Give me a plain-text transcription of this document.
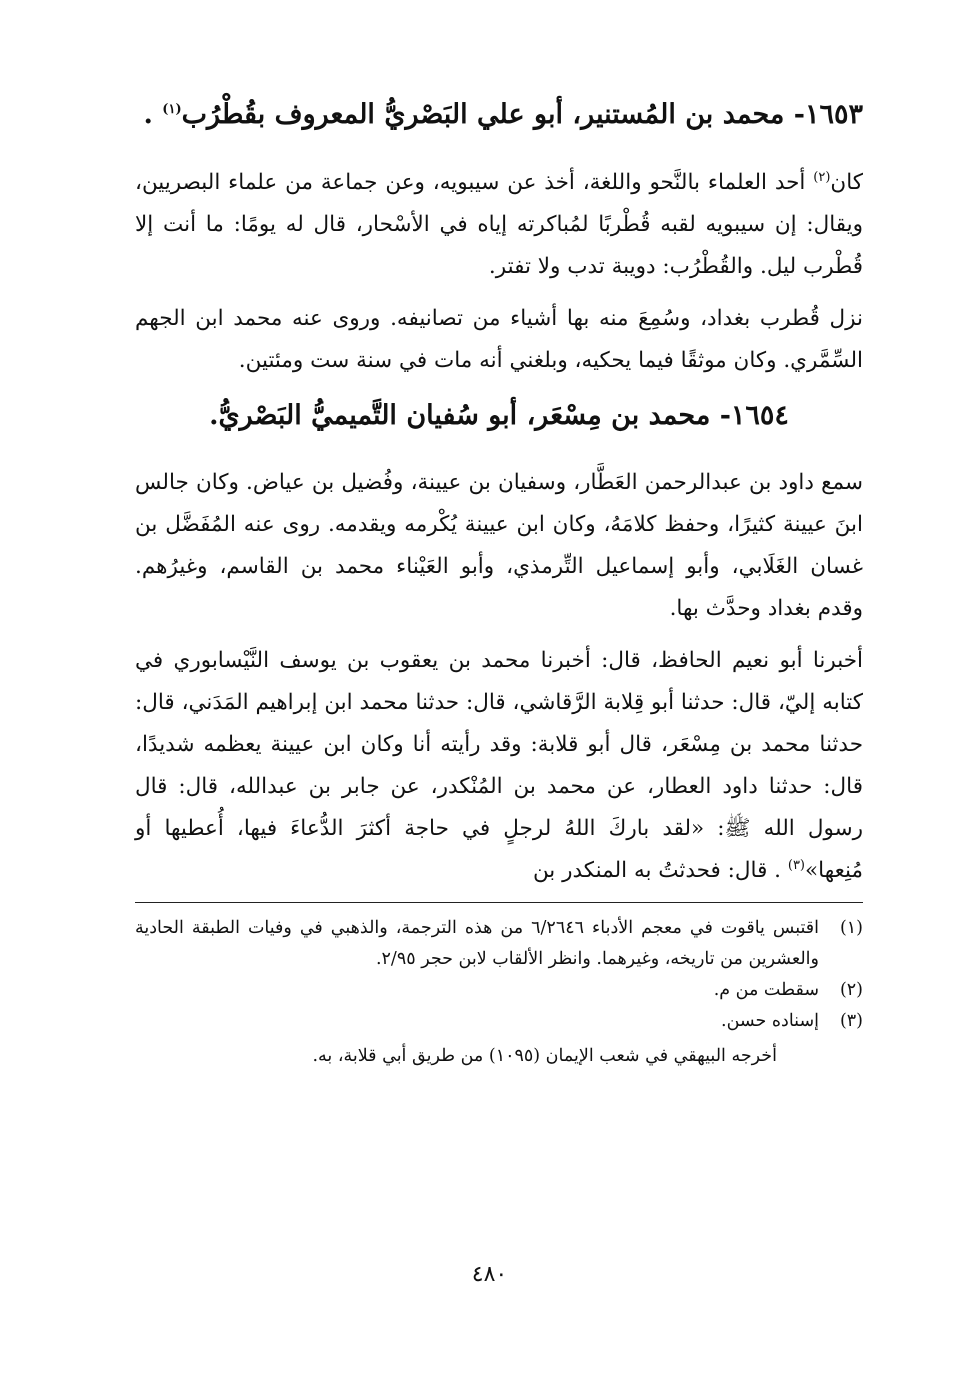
١٦٥٣- محمد بن المُستنير، أبو علي البَصْريُّ المعروف بقُطْرُب$^{(١)}$ .

كان$^{(٢)}$ أحد العلماء بالنَّحو واللغة، أخذ عن سيبويه، وعن جماعة من علماء البصريين، ويقال: إن سيبويه لقبه قُطْربًا لمُباكرته إياه في الأسْحار، قال له يومًا: ما أنت إلا قُطْرب ليل. والقُطْرُب: دويبة تدب ولا تفتر.

نزل قُطرب بغداد، وسُمِعَ منه بها أشياء من تصانيفه. وروى عنه محمد ابن الجهم السِّمَّري. وكان موثقًا فيما يحكيه، وبلغني أنه مات في سنة ست ومئتين.

١٦٥٤- محمد بن مِسْعَر، أبو سُفيان التَّميميُّ البَصْريُّ.

سمع داود بن عبدالرحمن العَطَّار، وسفيان بن عيينة، وفُضيل بن عياض. وكان جالس ابنَ عيينة كثيرًا، وحفظ كلامَهُ، وكان ابن عيينة يُكْرمه ويقدمه. روى عنه المُفَضَّل بن غسان الغَلَابي، وأبو إسماعيل التِّرمذي، وأبو العَيْناء محمد بن القاسم، وغيرُهم. وقدم بغداد وحدَّث بها.

أخبرنا أبو نعيم الحافظ، قال: أخبرنا محمد بن يعقوب بن يوسف النَّيْسابوري في كتابه إليّ، قال: حدثنا أبو قِلابة الرَّقاشي، قال: حدثنا محمد ابن إبراهيم المَدَني، قال: حدثنا محمد بن مِسْعَر، قال أبو قلابة: وقد رأيته أنا وكان ابن عيينة يعظمه شديدًا، قال: حدثنا داود العطار، عن محمد بن المُنْكدر، عن جابر بن عبدالله، قال: قال رسول الله ﷺ: «لقد باركَ اللهُ لرجلٍ في حاجة أكثرَ الدُّعاءَ فيها، أُعطيها أو مُنِعها»$^{(٣)}$ . قال: فحدثتُ به المنكدر بن

(١)
اقتبس ياقوت في معجم الأدباء ٦/٢٦٤٦ من هذه الترجمة، والذهبي في وفيات الطبقة الحادية والعشرين من تاريخه، وغيرهما. وانظر الألقاب لابن حجر ٢/٩٥.
(٢)
سقطت من م.
(٣)
إسناده حسن.
أخرجه البيهقي في شعب الإيمان (١٠٩٥) من طريق أبي قلابة، به.
٤٨٠
